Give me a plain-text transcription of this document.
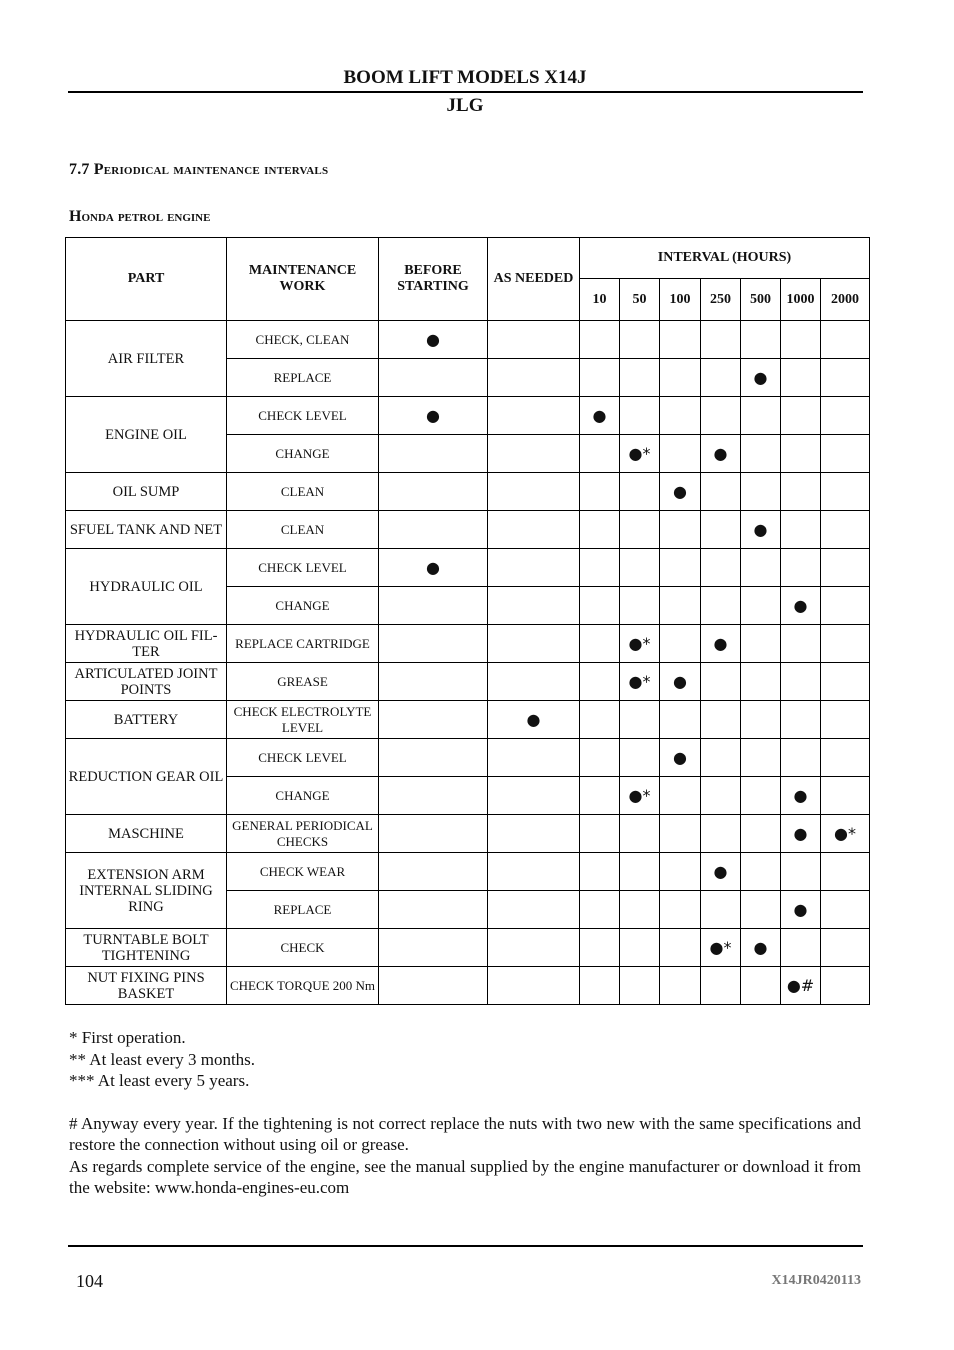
BOOM LIFT MODELS X14J
JLG
7.7 Periodical maintenance intervals
Honda petrol engine
PART	MAINTENANCE WORK	BEFORE STARTING	AS NEEDED	INTERVAL (HOURS)						
				10	50	100	250	500	1000	2000
AIR FILTER	CHECK, CLEAN	●								
	REPLACE							●		
ENGINE OIL	CHECK LEVEL	●		●						
	CHANGE				●*		●			
OIL SUMP	CLEAN					●				
SFUEL TANK AND NET	CLEAN							●		
HYDRAULIC OIL	CHECK LEVEL	●								
	CHANGE								●	
HYDRAULIC OIL FIL-TER	REPLACE CARTRIDGE				●*		●			
ARTICULATED JOINT POINTS	GREASE				●*	●				
BATTERY	CHECK ELECTROLYTE LEVEL		●							
REDUCTION GEAR OIL	CHECK LEVEL					●				
	CHANGE				●*				●	
MASCHINE	GENERAL PERIODICAL CHECKS								●	●*
EXTENSION ARM INTERNAL SLIDING RING	CHECK WEAR						●			
	REPLACE								●	
TURNTABLE BOLT TIGHTENING	CHECK						●*	●		
NUT FIXING PINS BASKET	CHECK TORQUE 200 Nm								●#	

* First operation.

** At least every 3 months.

*** At least every 5 years.

# Anyway every year. If the tightening is not correct replace the nuts with two new with the same specifications and restore the connection without using oil or grease.

As regards complete service of the engine, see the manual supplied by the engine manufacturer or download it from the website: www.honda-engines-eu.com

104	X14JR0420113
